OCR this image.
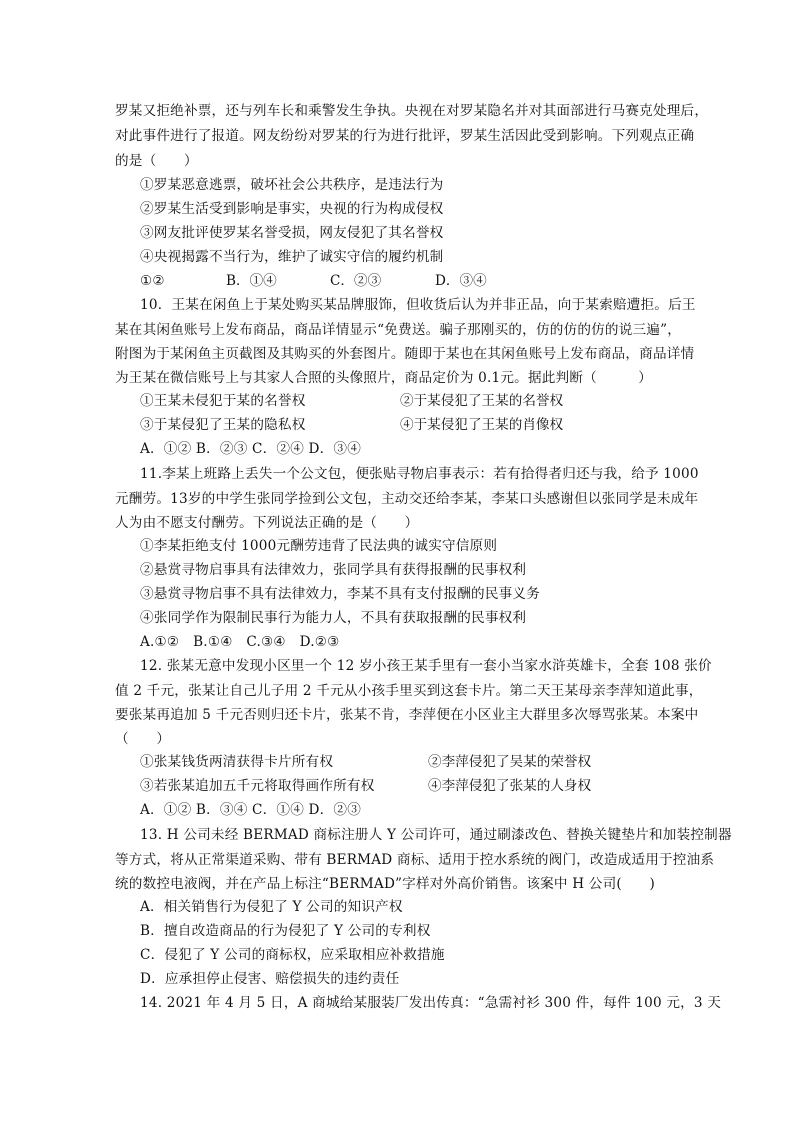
罗某又拒绝补票，还与列车长和乘警发生争执。央视在对罗某隐名并对其面部进行马赛克处理后，
对此事件进行了报道。网友纷纷对罗某的行为进行批评，罗某生活因此受到影响。下列观点正确
的是（　　）
①罗某恶意逃票，破坏社会公共秩序，是违法行为
②罗某生活受到影响是事实，央视的行为构成侵权
③网友批评使罗某名誉受损，网友侵犯了其名誉权
④央视揭露不当行为，维护了诚实守信的履约机制
①②	B．①④	C．②③	D．③④
10．王某在闲鱼上于某处购买某品牌服饰，但收货后认为并非正品，向于某索赔遭拒。后王
某在其闲鱼账号上发布商品，商品详情显示“免费送。骗子那刚买的，仿的仿的仿的说三遍”，
附图为于某闲鱼主页截图及其购买的外套图片。随即于某也在其闲鱼账号上发布商品，商品详情
为王某在微信账号上与其家人合照的头像照片，商品定价为 0.1元。据此判断（　　　）
①王某未侵犯于某的名誉权	②于某侵犯了王某的名誉权
③于某侵犯了王某的隐私权	④于某侵犯了王某的肖像权
A．①② B．②③ C．②④ D．③④
11.李某上班路上丢失一个公文包，便张贴寻物启事表示：若有拾得者归还与我，给予 1000
元酬劳。13岁的中学生张同学捡到公文包，主动交还给李某，李某口头感谢但以张同学是未成年
人为由不愿支付酬劳。下列说法正确的是（　　）
①李某拒绝支付 1000元酬劳违背了民法典的诚实守信原则
②悬赏寻物启事具有法律效力，张同学具有获得报酬的民事权利
③悬赏寻物启事不具有法律效力，李某不具有支付报酬的民事义务
④张同学作为限制民事行为能力人，不具有获取报酬的民事权利
A.①②　B.①④　C.③④　D.②③
12. 张某无意中发现小区里一个 12 岁小孩王某手里有一套小当家水浒英雄卡，全套 108 张价
值 2 千元，张某让自己儿子用 2 千元从小孩手里买到这套卡片。第二天王某母亲李萍知道此事，
要张某再追加 5 千元否则归还卡片，张某不肯，李萍便在小区业主大群里多次辱骂张某。本案中
（　　）
①张某钱货两清获得卡片所有权	②李萍侵犯了吴某的荣誉权
③若张某追加五千元将取得画作所有权	④李萍侵犯了张某的人身权
A．①② B．③④ C．①④ D．②③
13. H 公司未经 BERMAD 商标注册人 Y 公司许可，通过刷漆改色、替换关键垫片和加装控制器
等方式，将从正常渠道采购、带有 BERMAD 商标、适用于控水系统的阀门，改造成适用于控油系
统的数控电液阀，并在产品上标注“BERMAD”字样对外高价销售。该案中 H 公司(　　)
A．相关销售行为侵犯了 Y 公司的知识产权
B．擅自改造商品的行为侵犯了 Y 公司的专利权
C．侵犯了 Y 公司的商标权，应采取相应补救措施
D．应承担停止侵害、赔偿损失的违约责任
14. 2021 年 4 月 5 日，A 商城给某服装厂发出传真：“急需衬衫 300 件，每件 100 元，3 天
